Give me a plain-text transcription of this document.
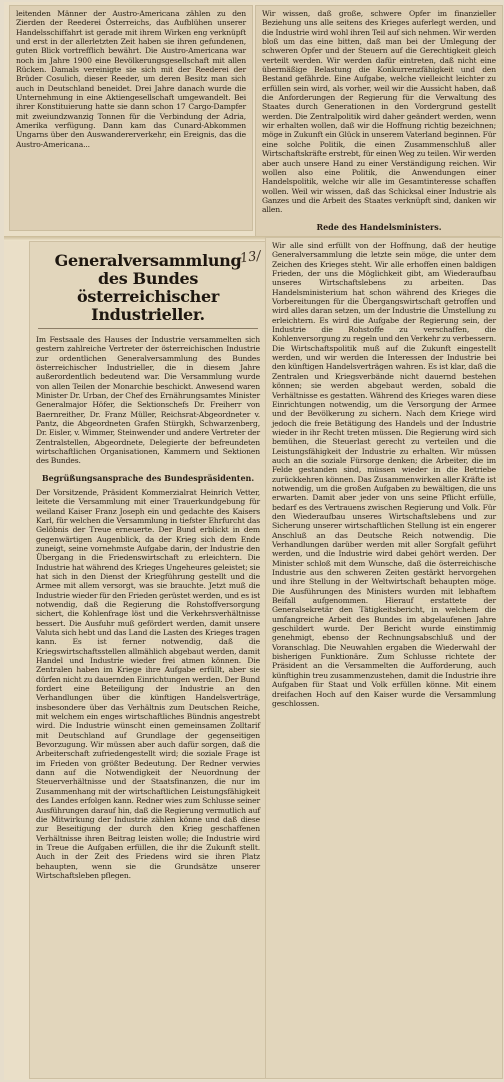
leitenden Männer der Austro-Americana zählen zu den Zierden der Reederei Österreichs, das Aufblühen unserer Handelsschiffahrt ist gerade mit ihrem Wirken eng verknüpft und erst in der allerletzten Zeit haben sie ihren gefundenen, guten Blick vortrefflich bewährt. Die Austro-Americana war noch im Jahre 1900 eine Bevölkerungsgesellschaft mit allen Rücken. Damals vereinigte sie sich mit der Reederei der Brüder Cosulich, dieser Reeder, um deren Besitz man sich auch in Deutschland beneidet. Drei Jahre danach wurde die Unternehmung in eine Aktiengesellschaft umgewandelt. Bei ihrer Konstituierung hatte sie dann schon 17 Cargo-Dampfer mit zweiundzwanzig Tonnen für die Verbindung der Adria, Amerika verfügung. Dann kam das Cunard-Abkommen Ungarns über den Auswandererverkehr, ein Ereignis, das die Austro-Americana...

Wir wissen, daß große, schwere Opfer im finanzieller Beziehung uns alle seitens des Krieges auferlegt werden, und die Industrie wird wohl ihren Teil auf sich nehmen. Wir werden bloß um das eine bitten, daß man bei der Umlegung der schweren Opfer und der Steuern auf die Gerechtigkeit gleich verteilt werden. Wir werden dafür eintreten, daß nicht eine übermäßige Belastung die Konkurrenzfähigkeit und den Bestand gefährde. Eine Aufgabe, welche vielleicht leichter zu erfüllen sein wird, als vorher, weil wir die Aussicht haben, daß die Anforderungen der Regierung für die Verwaltung des Staates durch Generationen in den Vordergrund gestellt werden. Die Zentralpolitik wird daher geändert werden, wenn wir erhalten wollen, daß wir die Hoffnung richtig bezeichnen; möge in Zukunft ein Glück in unserem Vaterland beginnen. Für eine solche Politik, die einen Zusammenschluß aller Wirtschaftskräfte erstrebt, für einen Weg zu teilen. Wir werden aber auch unsere Hand zu einer Verständigung reichen. Wir wollen also eine Politik, die Anwendungen einer Handelspolitik, welche wir alle im Gesamtinteresse schaffen wollen. Weil wir wissen, daß das Schicksal einer Industrie als Ganzes und die Arbeit des Staates verknüpft sind, danken wir allen.

Rede des Handelsministers.

Generalversammlung des Bundes österreichischer Industrieller.

Im Festsaale des Hauses der Industrie versammelten sich gestern zahlreiche Vertreter der österreichischen Industrie zur ordentlichen Generalversammlung des Bundes österreichischer Industrieller, die in diesem Jahre außerordentlich bedeutend war. Die Versammlung wurde von allen Teilen der Monarchie beschickt. Anwesend waren Minister Dr. Urban, der Chef des Ernährungsamtes Minister Generalmajor Höfer, die Sektionschefs Dr. Freiherr von Baernreither, Dr. Franz Müller, Reichsrat-Abgeordneter v. Pantz, die Abgeordneten Grafen Stürgkh, Schwarzenberg, Dr. Eisler, v. Wimmer, Steinwender und andere Vertreter der Zentralstellen, Abgeordnete, Delegierte der befreundeten wirtschaftlichen Organisationen, Kammern und Sektionen des Bundes.

Begrüßungsansprache des Bundespräsidenten.

Der Vorsitzende, Präsident Kommerzialrat Heinrich Vetter, leitete die Versammlung mit einer Trauerkundgebung für weiland Kaiser Franz Joseph ein und gedachte des Kaisers Karl, für welchen die Versammlung in tiefster Ehrfurcht das Gelöbnis der Treue erneuerte. Der Bund erblickt in dem gegenwärtigen Augenblick, da der Krieg sich dem Ende zuneigt, seine vornehmste Aufgabe darin, der Industrie den Übergang in die Friedenswirtschaft zu erleichtern. Die Industrie hat während des Krieges Ungeheures geleistet; sie hat sich in den Dienst der Kriegführung gestellt und die Armee mit allem versorgt, was sie brauchte. Jetzt muß die Industrie wieder für den Frieden gerüstet werden, und es ist notwendig, daß die Regierung die Rohstoffversorgung sichert, die Kohlenfrage löst und die Verkehrsverhältnisse bessert. Die Ausfuhr muß gefördert werden, damit unsere Valuta sich hebt und das Land die Lasten des Krieges tragen kann. Es ist ferner notwendig, daß die Kriegswirtschaftsstellen allmählich abgebaut werden, damit Handel und Industrie wieder frei atmen können. Die Zentralen haben im Kriege ihre Aufgabe erfüllt, aber sie dürfen nicht zu dauernden Einrichtungen werden. Der Bund fordert eine Beteiligung der Industrie an den Verhandlungen über die künftigen Handelsverträge, insbesondere über das Verhältnis zum Deutschen Reiche, mit welchem ein enges wirtschaftliches Bündnis angestrebt wird. Die Industrie wünscht einen gemeinsamen Zolltarif mit Deutschland auf Grundlage der gegenseitigen Bevorzugung. Wir müssen aber auch dafür sorgen, daß die Arbeiterschaft zufriedengestellt wird; die soziale Frage ist im Frieden von größter Bedeutung. Der Redner verwies dann auf die Notwendigkeit der Neuordnung der Steuerverhältnisse und der Staatsfinanzen, die nur im Zusammenhang mit der wirtschaftlichen Leistungsfähigkeit des Landes erfolgen kann. Redner wies zum Schlusse seiner Ausführungen darauf hin, daß die Regierung vermutlich auf die Mitwirkung der Industrie zählen könne und daß diese zur Beseitigung der durch den Krieg geschaffenen Verhältnisse ihren Beitrag leisten wolle; die Industrie wird in Treue die Aufgaben erfüllen, die ihr die Zukunft stellt. Auch in der Zeit des Friedens wird sie ihren Platz behaupten, wenn sie die Grundsätze unserer Wirtschaftsleben pflegen.

Wir alle sind erfüllt von der Hoffnung, daß der heutige Generalversammlung die letzte sein möge, die unter dem Zeichen des Krieges steht. Wir alle erhoffen einen baldigen Frieden, der uns die Möglichkeit gibt, am Wiederaufbau unseres Wirtschaftslebens zu arbeiten. Das Handelsministerium hat schon während des Krieges die Vorbereitungen für die Übergangswirtschaft getroffen und wird alles daran setzen, um der Industrie die Umstellung zu erleichtern. Es wird die Aufgabe der Regierung sein, der Industrie die Rohstoffe zu verschaffen, die Kohlenversorgung zu regeln und den Verkehr zu verbessern. Die Wirtschaftspolitik muß auf die Zukunft eingestellt werden, und wir werden die Interessen der Industrie bei den künftigen Handelsverträgen wahren. Es ist klar, daß die Zentralen und Kriegsverbände nicht dauernd bestehen können; sie werden abgebaut werden, sobald die Verhältnisse es gestatten. Während des Krieges waren diese Einrichtungen notwendig, um die Versorgung der Armee und der Bevölkerung zu sichern. Nach dem Kriege wird jedoch die freie Betätigung des Handels und der Industrie wieder in ihr Recht treten müssen. Die Regierung wird sich bemühen, die Steuerlast gerecht zu verteilen und die Leistungsfähigkeit der Industrie zu erhalten. Wir müssen auch an die soziale Fürsorge denken; die Arbeiter, die im Felde gestanden sind, müssen wieder in die Betriebe zurückkehren können. Das Zusammenwirken aller Kräfte ist notwendig, um die großen Aufgaben zu bewältigen, die uns erwarten. Damit aber jeder von uns seine Pflicht erfülle, bedarf es des Vertrauens zwischen Regierung und Volk. Für den Wiederaufbau unseres Wirtschaftslebens und zur Sicherung unserer wirtschaftlichen Stellung ist ein engerer Anschluß an das Deutsche Reich notwendig. Die Verhandlungen darüber werden mit aller Sorgfalt geführt werden, und die Industrie wird dabei gehört werden. Der Minister schloß mit dem Wunsche, daß die österreichische Industrie aus den schweren Zeiten gestärkt hervorgehen und ihre Stellung in der Weltwirtschaft behaupten möge. Die Ausführungen des Ministers wurden mit lebhaftem Beifall aufgenommen. Hierauf erstattete der Generalsekretär den Tätigkeitsbericht, in welchem die umfangreiche Arbeit des Bundes im abgelaufenen Jahre geschildert wurde. Der Bericht wurde einstimmig genehmigt, ebenso der Rechnungsabschluß und der Voranschlag. Die Neuwahlen ergaben die Wiederwahl der bisherigen Funktionäre. Zum Schlusse richtete der Präsident an die Versammelten die Aufforderung, auch künftighin treu zusammenzustehen, damit die Industrie ihre Aufgaben für Staat und Volk erfüllen könne. Mit einem dreifachen Hoch auf den Kaiser wurde die Versammlung geschlossen.

13/
